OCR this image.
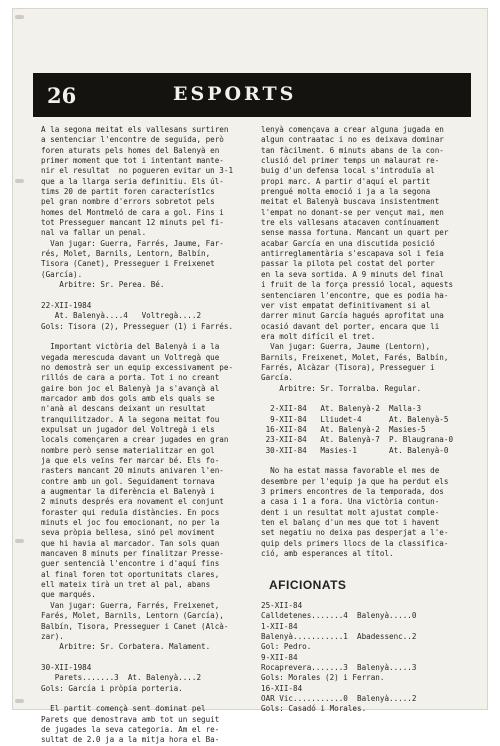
26	ESPORTS
A la segona meitat els vallesans surtiren
a sentenciar l'encontre de seguida, però
foren aturats pels homes del Balenyà en
primer moment que tot i intentant mante-
nir el resultat  no pogueren evitar un 3-1
que a la llarga seria definitiu. Els úl-
tims 20 de partit foren característ1cs
pel gran nombre d'errors sobretot pels
homes del Montmeló de cara a gol. Fins i
tot Presseguer mancant 12 minuts pel fi-
nal va fallar un penal.
Van jugar: Guerra, Farrés, Jaume, Far-
rés, Molet, Barnils, Lentorn, Balbín,
Tisora (Canet), Presseguer i Freixenet
(García).
Arbitre: Sr. Perea. Bé.

22-XII-1984
At. Balenyà....4   Voltregà....2
Gols: Tisora (2), Presseguer (1) i Farrés.

Important victòria del Balenyà i a la
vegada merescuda davant un Voltregà que
no demostrà ser un equip excessivament pe-
rillós de cara a porta. Tot i no creant
gaire bon joc el Balenyà ja s'avançà al
marcador amb dos gols amb els quals se
n'anà al descans deixant un resultat
tranquilitzador. A la segona meitat fou
expulsat un jugador del Voltregà i els
locals començaren a crear jugades en gran
nombre però sense materialitzar en gol
ja que els veïns fer marcar bé. Els fo-
rasters mancant 20 minuts anivaren l'en-
contre amb un gol. Seguidament tornava
a augmentar la diferència el Balenyà i
2 minuts després era novament el conjunt
foraster qui reduïa distàncies. En pocs
minuts el joc fou emocionant, no per la
seva pròpia bellesa, sinó pel moviment
que hi havia al marcador. Tan sols quan
mancaven 8 minuts per finalitzar Presse-
guer sentencià l'encontre i d'aquí fins
al final foren tot oportunitats clares,
ell mateix tirà un tret al pal, abans
que marqués.
Van jugar: Guerra, Farrés, Freixenet,
Farés, Molet, Barnils, Lentorn (García),
Balbín, Tisora, Presseguer i Canet (Alcà-
zar).
Arbitre: Sr. Corbatera. Malament.

30-XII-1984
Parets.......3  At. Balenyà....2
Gols: García i pròpia porteria.

El partit començà sent dominat pel
Parets que demostrava amb tot un seguit
de jugades la seva categoria. Am el re-
sultat de 2.0 ja a la mitja hora el Ba-
lenyà començava a crear alguna jugada en
algun contraatac i no es deixava dominar
tan fàcilment. 6 minuts abans de la con-
clusió del primer temps un malaurat re-
buig d'un defensa local s'introduïa al
propi marc. A partir d'aquí el partit
prengué molta emoció i ja a la segona
meitat el Balenyà buscava insistentment
l'empat no donant-se per vençut mai, men
tre els vallesans atacaven contínuament
sense massa fortuna. Mancant un quart per
acabar García en una discutida posició
antirreglamentària s'escapava sol i feia
passar la pilota pel costat del porter
en la seva sortida. A 9 minuts del final
i fruit de la força pressió local, aquests
sentenciaren l'encontre, que es podia ha-
ver vist empatat definitivament si al
darrer minut García hagués aprofitat una
ocasió davant del porter, encara que li
era molt difícil el tret.
Van jugar: Guerra, Jaume (Lentorn),
Barnils, Freixenet, Molet, Farés, Balbín,
Farrés, Alcàzar (Tisora), Presseguer i
García.
Arbitre: Sr. Torralba. Regular.

2-XII-84   At. Balenyà-2  Malla-3
9-XII-84   Lliudet-4      At. Balenyà-5
16-XII-84   At. Balenyà-2  Masies-5
23-XII-84   At. Balenyà-7  P. Blaugrana-0
30-XII-84   Masies-1       At. Balenyà-0

No ha estat massa favorable el mes de
desembre per l'equip ja que ha perdut els
3 primers encontres de la temporada, dos
a casa i 1 a fora. Una victòria contun-
dent i un resultat molt ajustat comple-
ten el balanç d'un mes que tot i havent
set negatiu no deixa pas desperjat a l'e-
quip dels primers llocs de la classifica-
ció, amb esperances al títol.

25-XII-84
Calldetenes.......4  Balenyà.....0
1-XII-84
Balenyà...........1  Abadessenc..2
Gol: Pedro.
9-XII-84
Rocaprevera.......3  Balenyà.....3
Gols: Morales (2) i Ferran.
16-XII-84
OAR Vic...........0  Balenyà.....2
Gols: Casadó i Morales.
AFICIONATS
